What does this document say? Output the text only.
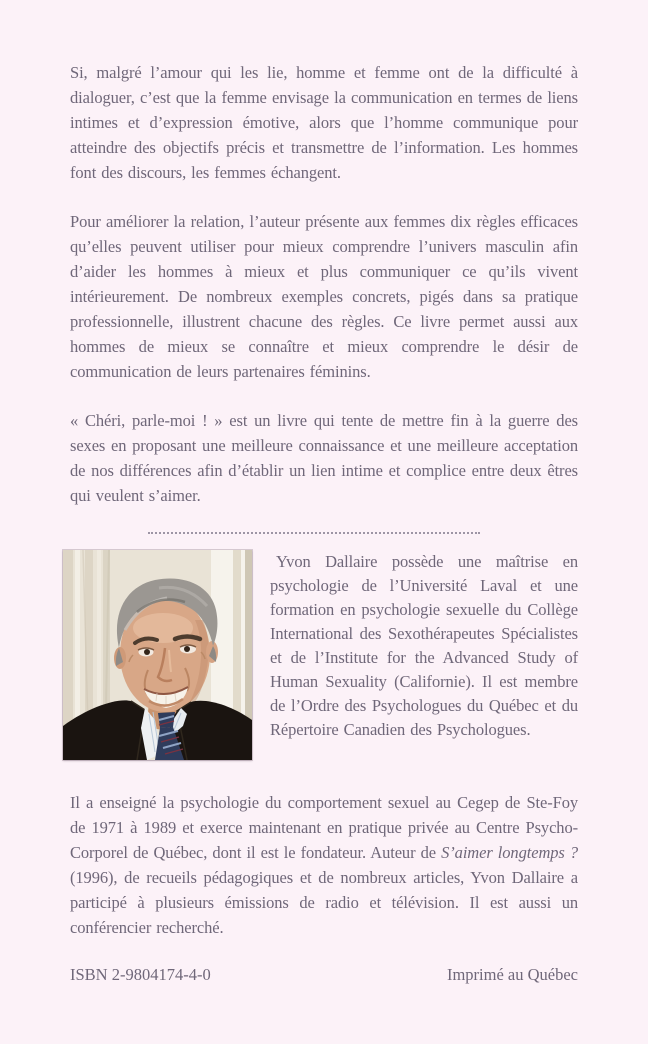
Si, malgré l’amour qui les lie, homme et femme ont de la difficulté à dialoguer, c’est que la femme envisage la communication en termes de liens intimes et d’expression émotive, alors que l’homme communique pour atteindre des objectifs précis et transmettre de l’information. Les hommes font des discours, les femmes échangent.

Pour améliorer la relation, l’auteur présente aux femmes dix règles efficaces qu’elles peuvent utiliser pour mieux comprendre l’univers masculin afin d’aider les hommes à mieux et plus communiquer ce qu’ils vivent intérieurement. De nombreux exemples concrets, pigés dans sa pratique professionnelle, illustrent chacune des règles. Ce livre permet aussi aux hommes de mieux se connaître et mieux comprendre le désir de communication de leurs partenaires féminins.

« Chéri, parle-moi ! » est un livre qui tente de mettre fin à la guerre des sexes en proposant une meilleure connaissance et une meilleure acceptation de nos différences afin d’établir un lien intime et complice entre deux êtres qui veulent s’aimer.

Yvon Dallaire possède une maîtrise en psychologie de l’Université Laval et une formation en psychologie sexuelle du Collège International des Sexothérapeutes Spécialistes et de l’Institute for the Advanced Study of Human Sexuality (Californie). Il est membre de l’Ordre des Psychologues du Québec et du Répertoire Canadien des Psychologues.

Il a enseigné la psychologie du comportement sexuel au Cegep de Ste-Foy de 1971 à 1989 et exerce maintenant en pratique privée au Centre Psycho-Corporel de Québec, dont il est le fondateur. Auteur de S’aimer longtemps ? (1996), de recueils pédagogiques et de nombreux articles, Yvon Dallaire a participé à plusieurs émissions de radio et télévision. Il est aussi un conférencier recherché.

ISBN 2-9804174-4-0	Imprimé au Québec
